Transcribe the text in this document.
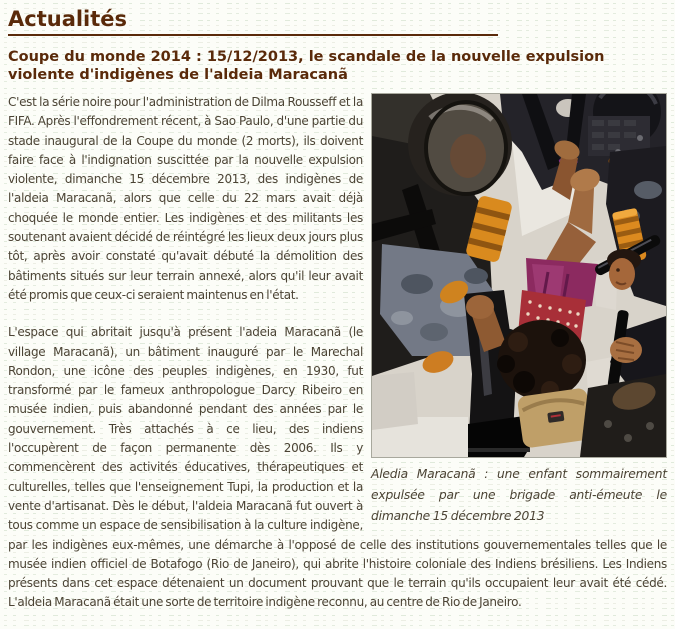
Actualités
Coupe du monde 2014 : 15/12/2013, le scandale de la nouvelle expulsion violente d'indigènes de l'aldeia Maracanã
Aledia Maracanã : une enfant sommairement expulsée par une brigade anti-émeute le dimanche 15 décembre 2013

C'est la série noire pour l'administration de Dilma Rousseff et la FIFA. Après l'effondrement récent, à Sao Paulo, d'une partie du stade inaugural de la Coupe du monde (2 morts), ils doivent faire face à l'indignation suscittée par la nouvelle expulsion violente, dimanche 15 décembre 2013, des indigènes de l'aldeia Maracanã, alors que celle du 22 mars avait déjà choquée le monde entier. Les indigènes et des militants les soutenant avaient décidé de réintégré les lieux deux jours plus tôt, après avoir constaté qu'avait débuté la démolition des bâtiments situés sur leur terrain annexé, alors qu'il leur avait été promis que ceux-ci seraient maintenus en l'état.

L'espace qui abritait jusqu'à présent l'adeia Maracanã (le village Maracanã), un bâtiment inauguré par le Marechal Rondon, une icône des peuples indigènes, en 1930, fut transformé par le fameux anthropologue Darcy Ribeiro en musée indien, puis abandonné pendant des années par le gouvernement. Très attachés à ce lieu, des indiens l'occupèrent de façon permanente dès 2006. Ils y commencèrent des activités éducatives, thérapeutiques et culturelles, telles que l'enseignement Tupi, la production et la vente d'artisanat. Dès le début, l'aldeia Maracanã fut ouvert à tous comme un espace de sensibilisation à la culture indigène, par les indigènes eux-mêmes, une démarche à l'opposé de celle des institutions gouvernementales telles que le musée indien officiel de Botafogo (Rio de Janeiro), qui abrite l'histoire coloniale des Indiens brésiliens. Les Indiens présents dans cet espace détenaient un document prouvant que le terrain qu'ils occupaient leur avait été cédé. L'aldeia Maracanã était une sorte de territoire indigène reconnu, au centre de Rio de Janeiro.
